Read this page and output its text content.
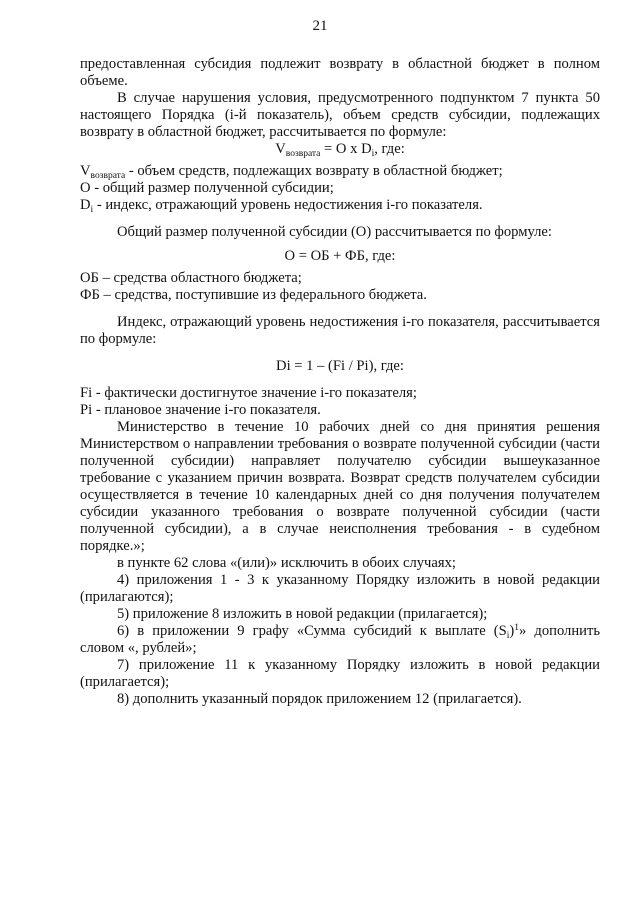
21

предоставленная субсидия подлежит возврату в областной бюджет в полном объеме.

В случае нарушения условия, предусмотренного подпунктом 7 пункта 50 настоящего Порядка (i-й показатель), объем средств субсидии, подлежащих возврату в областной бюджет, рассчитывается по формуле:

$V_{возврата} = O$ x $D_i$, где:

$V_{возврата}$ - объем средств, подлежащих возврату в областной бюджет;

O - общий размер полученной субсидии;

$D_i$ - индекс, отражающий уровень недостижения i-го показателя.

Общий размер полученной субсидии (О) рассчитывается по формуле:

О = ОБ + ФБ, где:

ОБ – средства областного бюджета;

ФБ – средства, поступившие из федерального бюджета.

Индекс, отражающий уровень недостижения i-го показателя, рассчитывается по формуле:

Di = 1 – (Fi / Pi), где:

Fi - фактически достигнутое значение i-го показателя;

Pi - плановое значение i-го показателя.

Министерство в течение 10 рабочих дней со дня принятия решения Министерством о направлении требования о возврате полученной субсидии (части полученной субсидии) направляет получателю субсидии вышеуказанное требование с указанием причин возврата. Возврат средств получателем субсидии осуществляется в течение 10 календарных дней со дня получения получателем субсидии указанного требования о возврате полученной субсидии (части полученной субсидии), а в случае неисполнения требования - в судебном порядке.»;

в пункте 62 слова «(или)» исключить в обоих случаях;

4) приложения 1 - 3 к указанному Порядку изложить в новой редакции (прилагаются);

5) приложение 8 изложить в новой редакции (прилагается);

6) в приложении 9 графу «Сумма субсидий к выплате $(S_i)^1$» дополнить словом «, рублей»;

7) приложение 11 к указанному Порядку изложить в новой редакции (прилагается);

8) дополнить указанный порядок приложением 12 (прилагается).
